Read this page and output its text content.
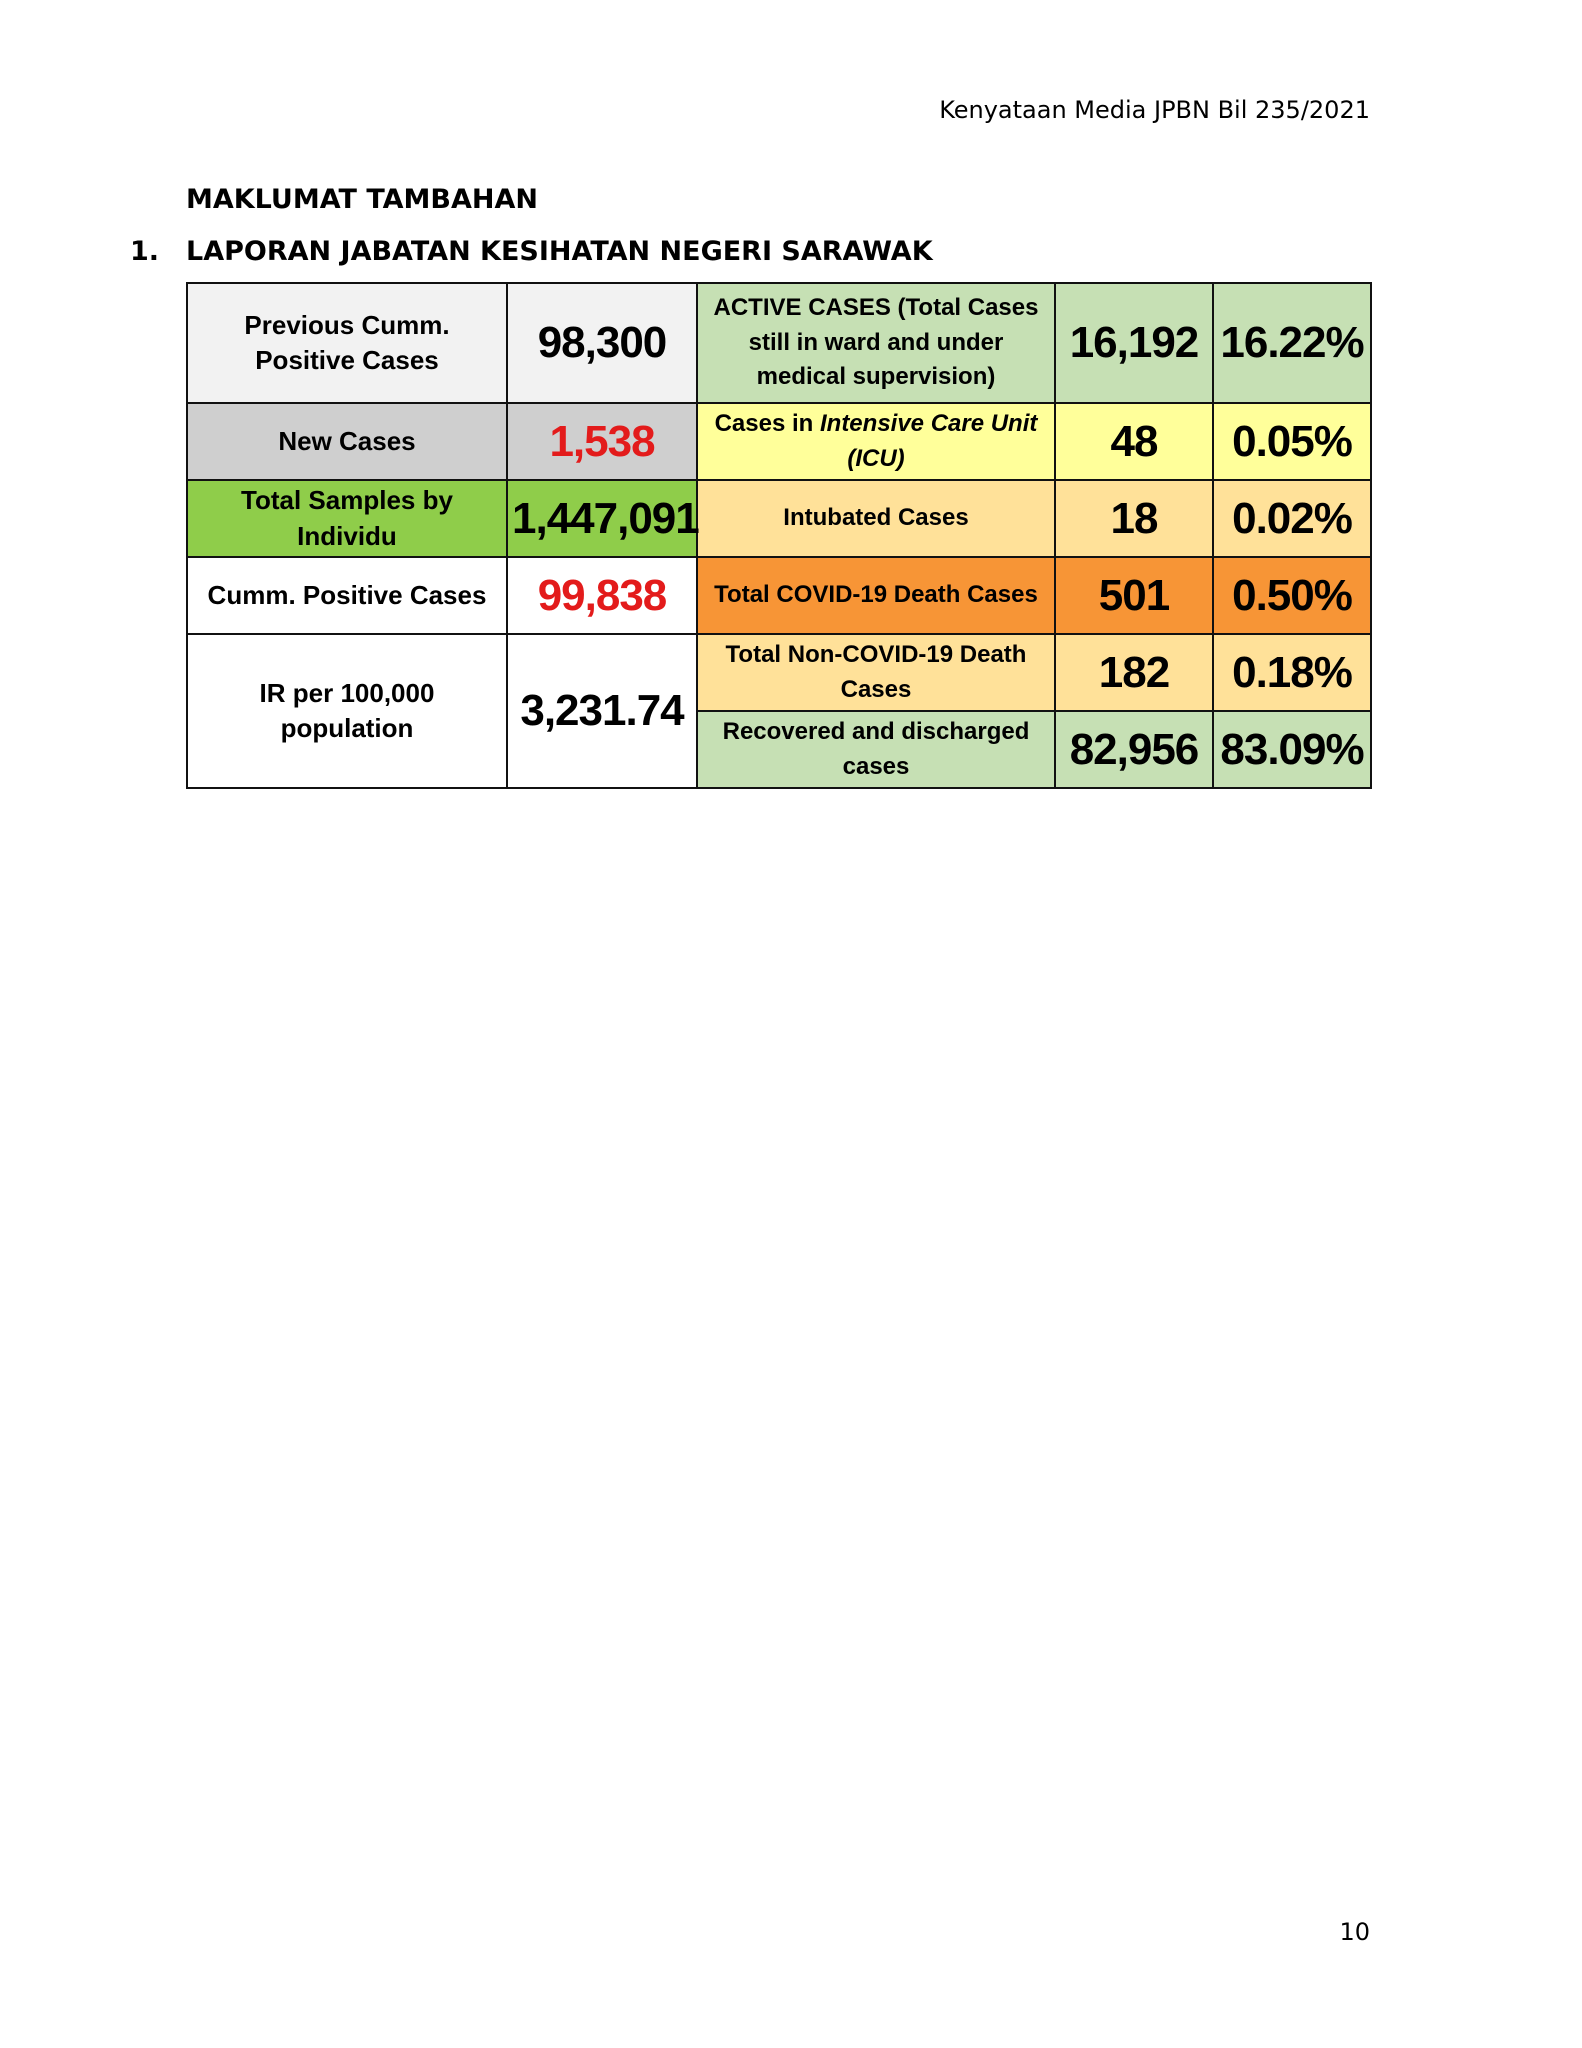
Kenyataan Media JPBN Bil 235/2021
MAKLUMAT TAMBAHAN
1. LAPORAN JABATAN KESIHATAN NEGERI SARAWAK
Previous Cumm. Positive Cases	98,300	ACTIVE CASES (Total Cases still in ward and under medical supervision)	16,192	16.22%
New Cases	1,538	Cases in Intensive Care Unit (ICU)	48	0.05%
Total Samples by Individu	1,447,091	Intubated Cases	18	0.02%
Cumm. Positive Cases	99,838	Total COVID-19 Death Cases	501	0.50%
IR per 100,000 population	3,231.74	Total Non-COVID-19 Death Cases	182	0.18%
		Recovered and discharged cases	82,956	83.09%
10
